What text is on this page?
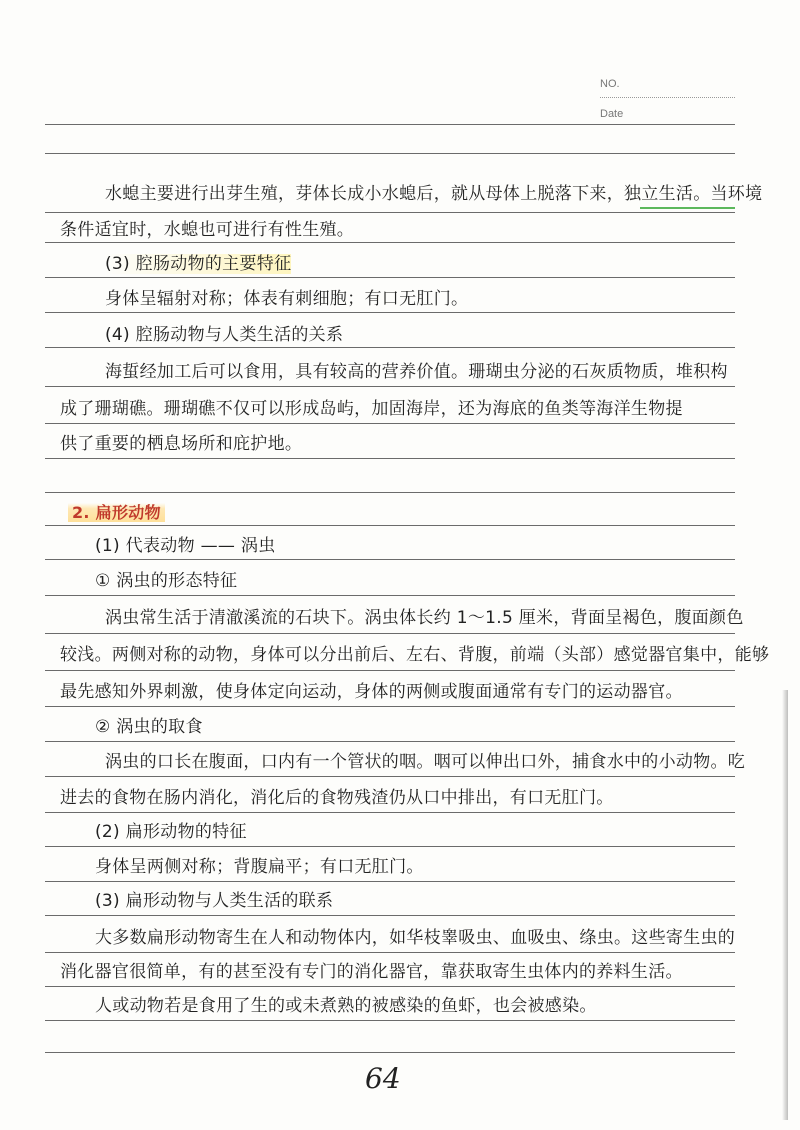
NO.
Date
水螅主要进行出芽生殖，芽体长成小水螅后，就从母体上脱落下来，独立生活。当环境
条件适宜时，水螅也可进行有性生殖。
(3) 腔肠动物的主要特征
身体呈辐射对称；体表有刺细胞；有口无肛门。
(4) 腔肠动物与人类生活的关系
海蜇经加工后可以食用，具有较高的营养价值。珊瑚虫分泌的石灰质物质，堆积构
成了珊瑚礁。珊瑚礁不仅可以形成岛屿，加固海岸，还为海底的鱼类等海洋生物提
供了重要的栖息场所和庇护地。
2. 扁形动物
(1) 代表动物 —— 涡虫
① 涡虫的形态特征
涡虫常生活于清澈溪流的石块下。涡虫体长约 1～1.5 厘米，背面呈褐色，腹面颜色
较浅。两侧对称的动物，身体可以分出前后、左右、背腹，前端（头部）感觉器官集中，能够
最先感知外界刺激，使身体定向运动，身体的两侧或腹面通常有专门的运动器官。
② 涡虫的取食
涡虫的口长在腹面，口内有一个管状的咽。咽可以伸出口外，捕食水中的小动物。吃
进去的食物在肠内消化，消化后的食物残渣仍从口中排出，有口无肛门。
(2) 扁形动物的特征
身体呈两侧对称；背腹扁平；有口无肛门。
(3) 扁形动物与人类生活的联系
大多数扁形动物寄生在人和动物体内，如华枝睾吸虫、血吸虫、绦虫。这些寄生虫的
消化器官很简单，有的甚至没有专门的消化器官，靠获取寄生虫体内的养料生活。
人或动物若是食用了生的或未煮熟的被感染的鱼虾，也会被感染。
64
